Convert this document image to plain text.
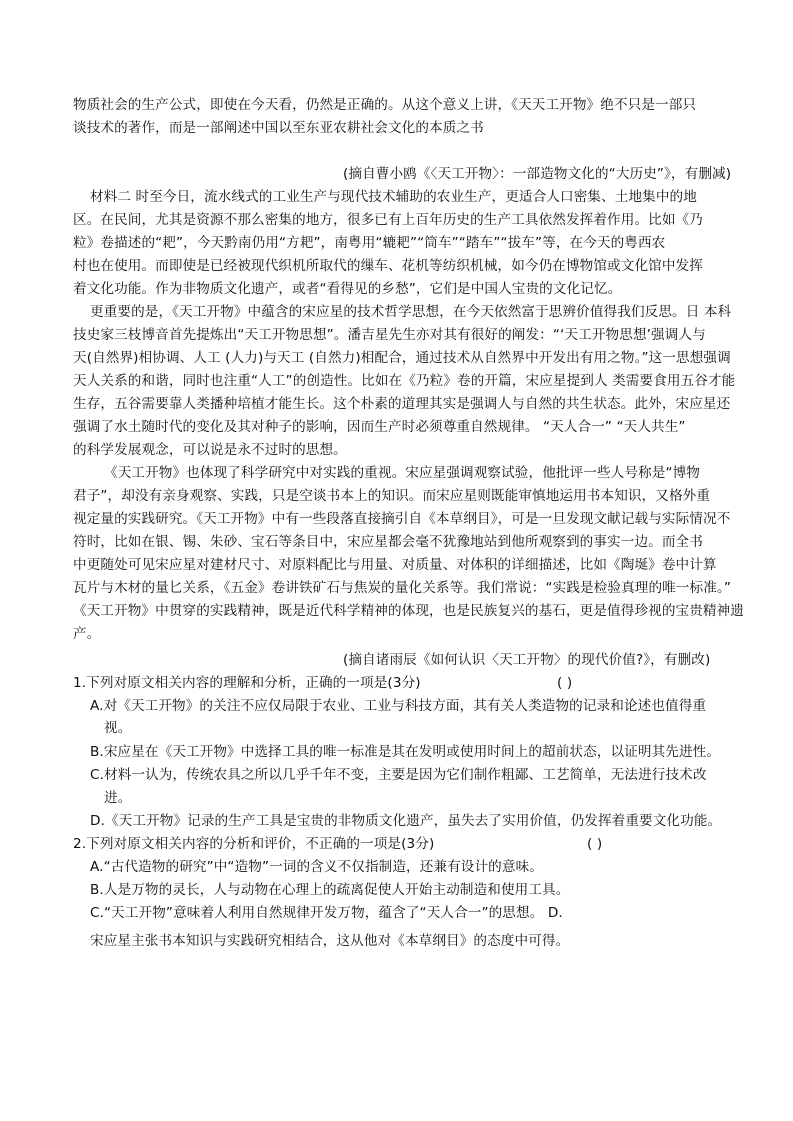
物质社会的生产公式，即使在今天看，仍然是正确的。从这个意义上讲，《天天工开物》绝不只是一部只
谈技术的著作，而是一部阐述中国以至东亚农耕社会文化的本质之书
(摘自曹小鸥《〈天工开物〉：一部造物文化的“大历史”》，有删减)
材料二 时至今日，流水线式的工业生产与现代技术辅助的农业生产，更适合人口密集、土地集中的地
区。在民间，尤其是资源不那么密集的地方，很多已有上百年历史的生产工具依然发挥着作用。比如《乃
粒》卷描述的“耙”，今天黔南仍用“方耙”，南粤用“辘耙”“筒车”“踏车”“拔车”等，在今天的粤西农
村也在使用。而即使是已经被现代织机所取代的缫车、花机等纺织机械，如今仍在博物馆或文化馆中发挥
着文化功能。作为非物质文化遗产，或者“看得见的乡愁”，它们是中国人宝贵的文化记忆。
更重要的是，《天工开物》中蕴含的宋应星的技术哲学思想，在今天依然富于思辨价值得我们反思。日 本科
技史家三枝博音首先提炼出“天工开物思想”。潘吉星先生亦对其有很好的阐发：“‘天工开物思想’强调人与
天(自然界)相协调、人工 (人力)与天工 (自然力)相配合，通过技术从自然界中开发出有用之物。”这一思想强调
天人关系的和谐，同时也注重“人工”的创造性。比如在《乃粒》卷的开篇，宋应星提到人 类需要食用五谷才能
生存，五谷需要靠人类播种培植才能生长。这个朴素的道理其实是强调人与自然的共生状态。此外，宋应星还
强调了水土随时代的变化及其对种子的影响，因而生产时必须尊重自然规律。 “天人合一” “天人共生”
的科学发展观念，可以说是永不过时的思想。
《天工开物》也体现了科学研究中对实践的重视。宋应星强调观察试验，他批评一些人号称是“博物
君子”，却没有亲身观察、实践，只是空谈书本上的知识。而宋应星则既能审慎地运用书本知识，又格外重
视定量的实践研究。《天工开物》中有一些段落直接摘引自《本草纲目》，可是一旦发现文献记载与实际情况不
符时，比如在银、锡、朱砂、宝石等条目中，宋应星都会毫不犹豫地站到他所观察到的事实一边。而全书
中更随处可见宋应星对建材尺寸、对原料配比与用量、对质量、对体积的详细描述，比如《陶埏》卷中计算
瓦片与木材的量匕关系，《五金》卷讲铁矿石与焦炭的量化关系等。我们常说：“实践是检验真理的唯一标准。”
《天工开物》中贯穿的实践精神，既是近代科学精神的体现，也是民族复兴的基石，更是值得珍视的宝贵精神遗
产。
(摘自诸雨辰《如何认识〈天工开物〉的现代价值?》，有删改)
1.下列对原文相关内容的理解和分析，正确的一项是(3分)	( )
A.对《天工开物》的关注不应仅局限于农业、工业与科技方面，其有关人类造物的记录和论述也值得重
视。
B.宋应星在《天工开物》中选择工具的唯一标准是其在发明或使用时间上的超前状态，以证明其先进性。
C.材料一认为，传统农具之所以几乎千年不变，主要是因为它们制作粗鄙、工艺简单，无法进行技术改
进。
D.《天工开物》记录的生产工具是宝贵的非物质文化遗产，虽失去了实用价值，仍发挥着重要文化功能。
2.下列对原文相关内容的分析和评价，不正确的一项是(3分)	( )
A.“古代造物的研究”中“造物”一词的含义不仅指制造，还兼有设计的意味。
B.人是万物的灵长，人与动物在心理上的疏离促使人开始主动制造和使用工具。
C.“天工开物”意味着人利用自然规律开发万物，蕴含了“天人合一”的思想。 D.
宋应星主张书本知识与实践研究相结合，这从他对《本草纲目》的态度中可得。
